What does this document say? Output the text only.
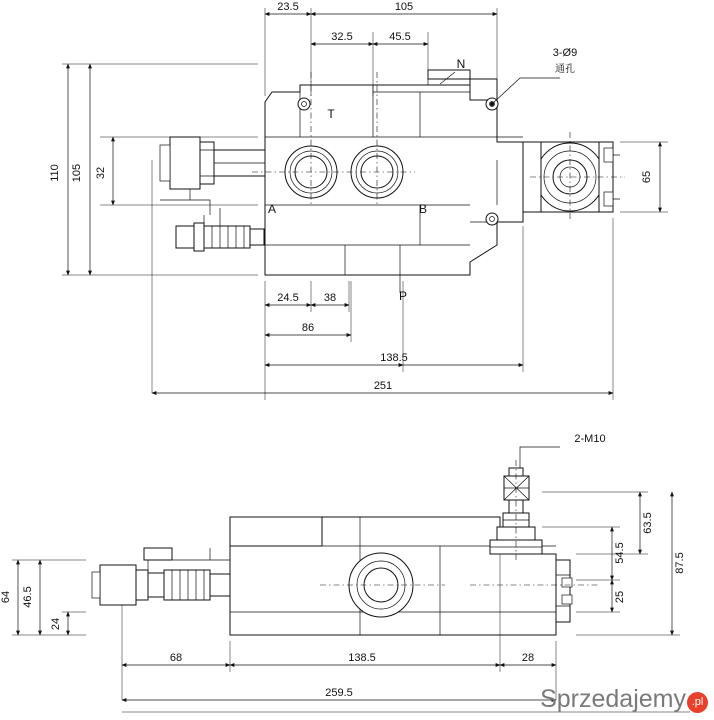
3-Ø9
通孔
T
A	B
P
N
23.5	105
32.5	45.5
110 105 32	65
24.5 38
86
138.5
251
2-M10
64 46.5
24
63.5
54.5
25
87.5
68	138.5	28
259.5	Sprzedajemy .pl
